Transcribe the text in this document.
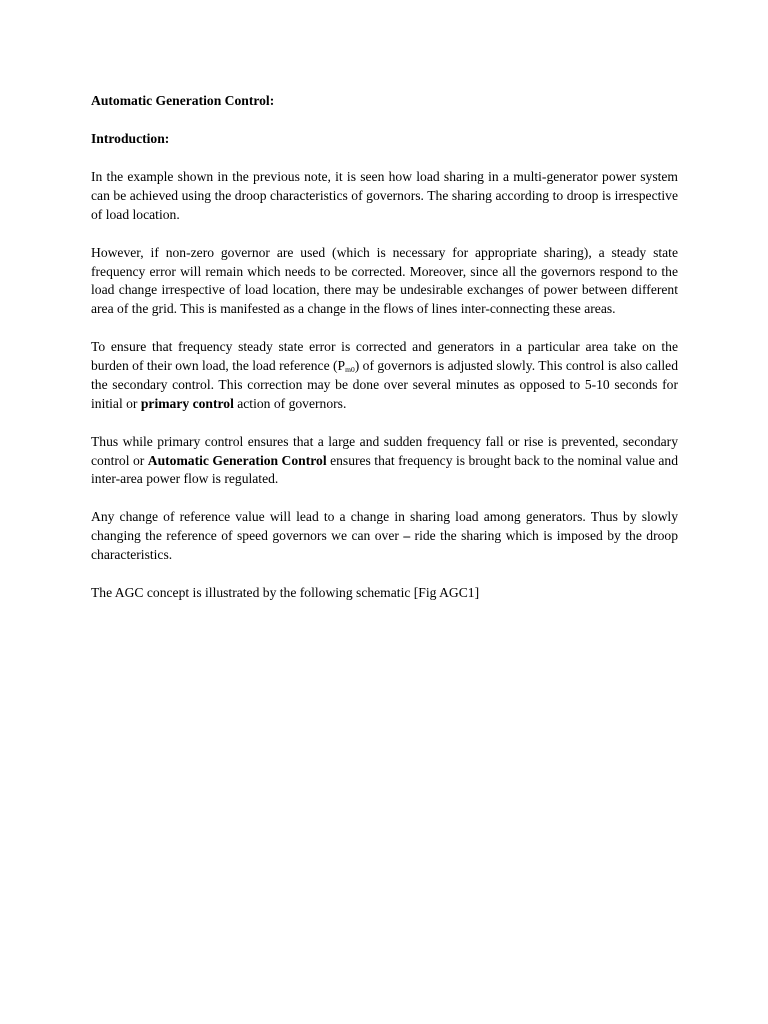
Automatic Generation Control:
Introduction:

In the example shown in the previous note, it is seen how load sharing in a multi-generator power system can be achieved using the droop characteristics of governors. The sharing according to droop is irrespective of load location.

However, if non-zero governor are used (which is necessary for appropriate sharing), a steady state frequency error will remain which needs to be corrected. Moreover, since all the governors respond to the load change irrespective of load location, there may be undesirable exchanges of power between different area of the grid. This is manifested as a change in the flows of lines inter-connecting these areas.

To ensure that frequency steady state error is corrected and generators in a particular area take on the burden of their own load, the load reference $(P_{m0})$ of governors is adjusted slowly. This control is also called the secondary control. This correction may be done over several minutes as opposed to 5-10 seconds for initial or primary control action of governors.

Thus while primary control ensures that a large and sudden frequency fall or rise is prevented, secondary control or Automatic Generation Control ensures that frequency is brought back to the nominal value and inter-area power flow is regulated.

Any change of reference value will lead to a change in sharing load among generators. Thus by slowly changing the reference of speed governors we can over – ride the sharing which is imposed by the droop characteristics.

The AGC concept is illustrated by the following schematic [Fig AGC1]
